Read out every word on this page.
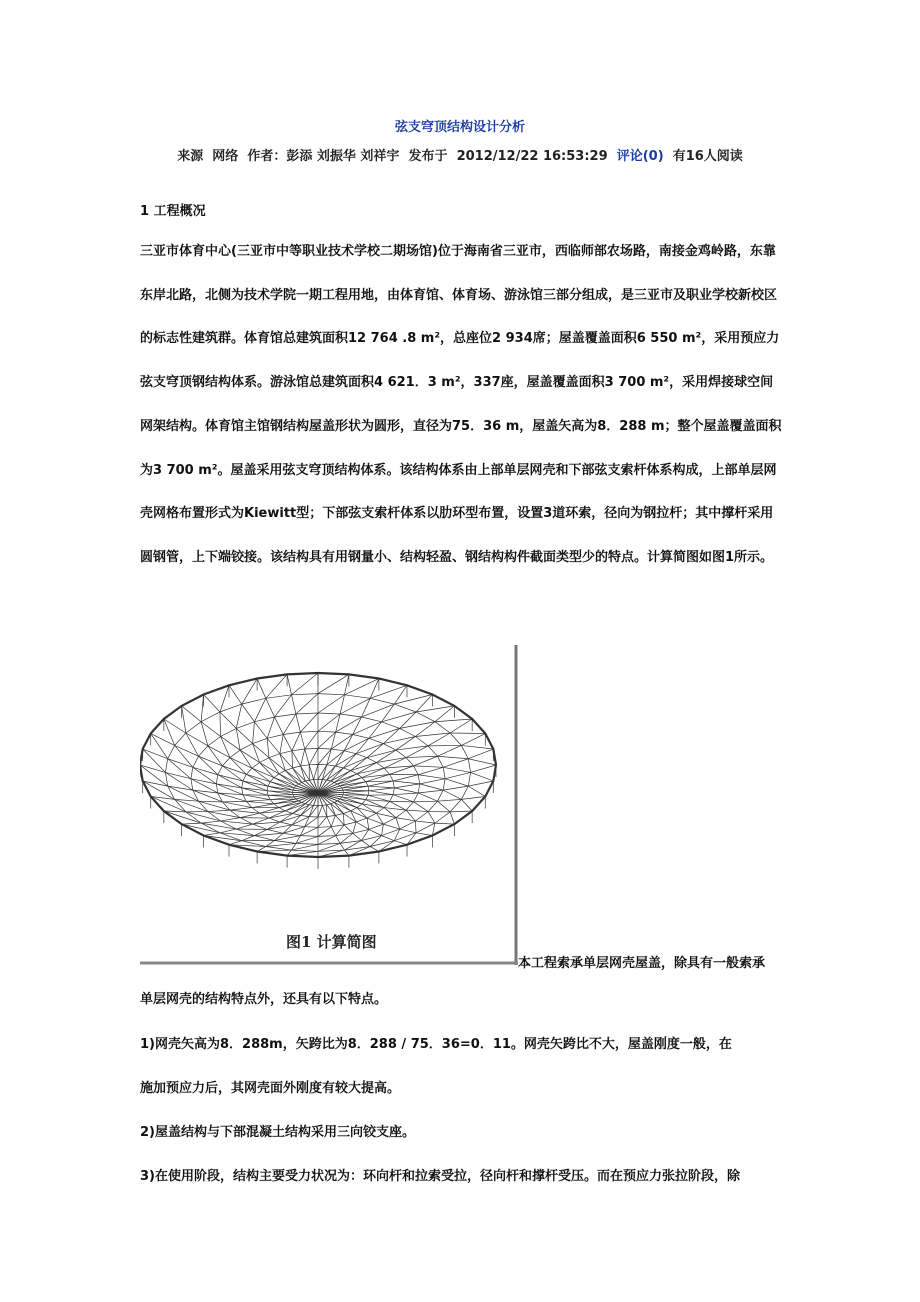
弦支穹顶结构设计分析
来源 网络 作者：彭添 刘振华 刘祥宇 发布于 2012/12/22 16:53:29 评论(0) 有16人阅读
1 工程概况

三亚市体育中心(三亚市中等职业技术学校二期场馆)位于海南省三亚市，西临师部农场路，南接金鸡岭路，东靠东岸北路，北侧为技术学院一期工程用地，由体育馆、体育场、游泳馆三部分组成，是三亚市及职业学校新校区的标志性建筑群。体育馆总建筑面积12 764 .8 m²，总座位2 934席；屋盖覆盖面积6 550 m²，采用预应力弦支穹顶钢结构体系。游泳馆总建筑面积4 621．3 m²，337座，屋盖覆盖面积3 700 m²，采用焊接球空间网架结构。体育馆主馆钢结构屋盖形状为圆形，直径为75．36 m，屋盖矢高为8．288 m；整个屋盖覆盖面积为3 700 m²。屋盖采用弦支穹顶结构体系。该结构体系由上部单层网壳和下部弦支索杆体系构成，上部单层网壳网格布置形式为Kiewitt型；下部弦支索杆体系以肋环型布置，设置3道环索，径向为钢拉杆；其中撑杆采用圆钢管，上下端铰接。该结构具有用钢量小、结构轻盈、钢结构构件截面类型少的特点。计算简图如图1所示。

图1 计算简图
本工程索承单层网壳屋盖，除具有一般索承
单层网壳的结构特点外，还具有以下特点。
1)网壳矢高为8．288m，矢跨比为8．288 / 75．36=0．11。网壳矢跨比不大，屋盖刚度一般，在
施加预应力后，其网壳面外刚度有较大提高。
2)屋盖结构与下部混凝土结构采用三向铰支座。
3)在使用阶段，结构主要受力状况为：环向杆和拉索受拉，径向杆和撑杆受压。而在预应力张拉阶段，除
